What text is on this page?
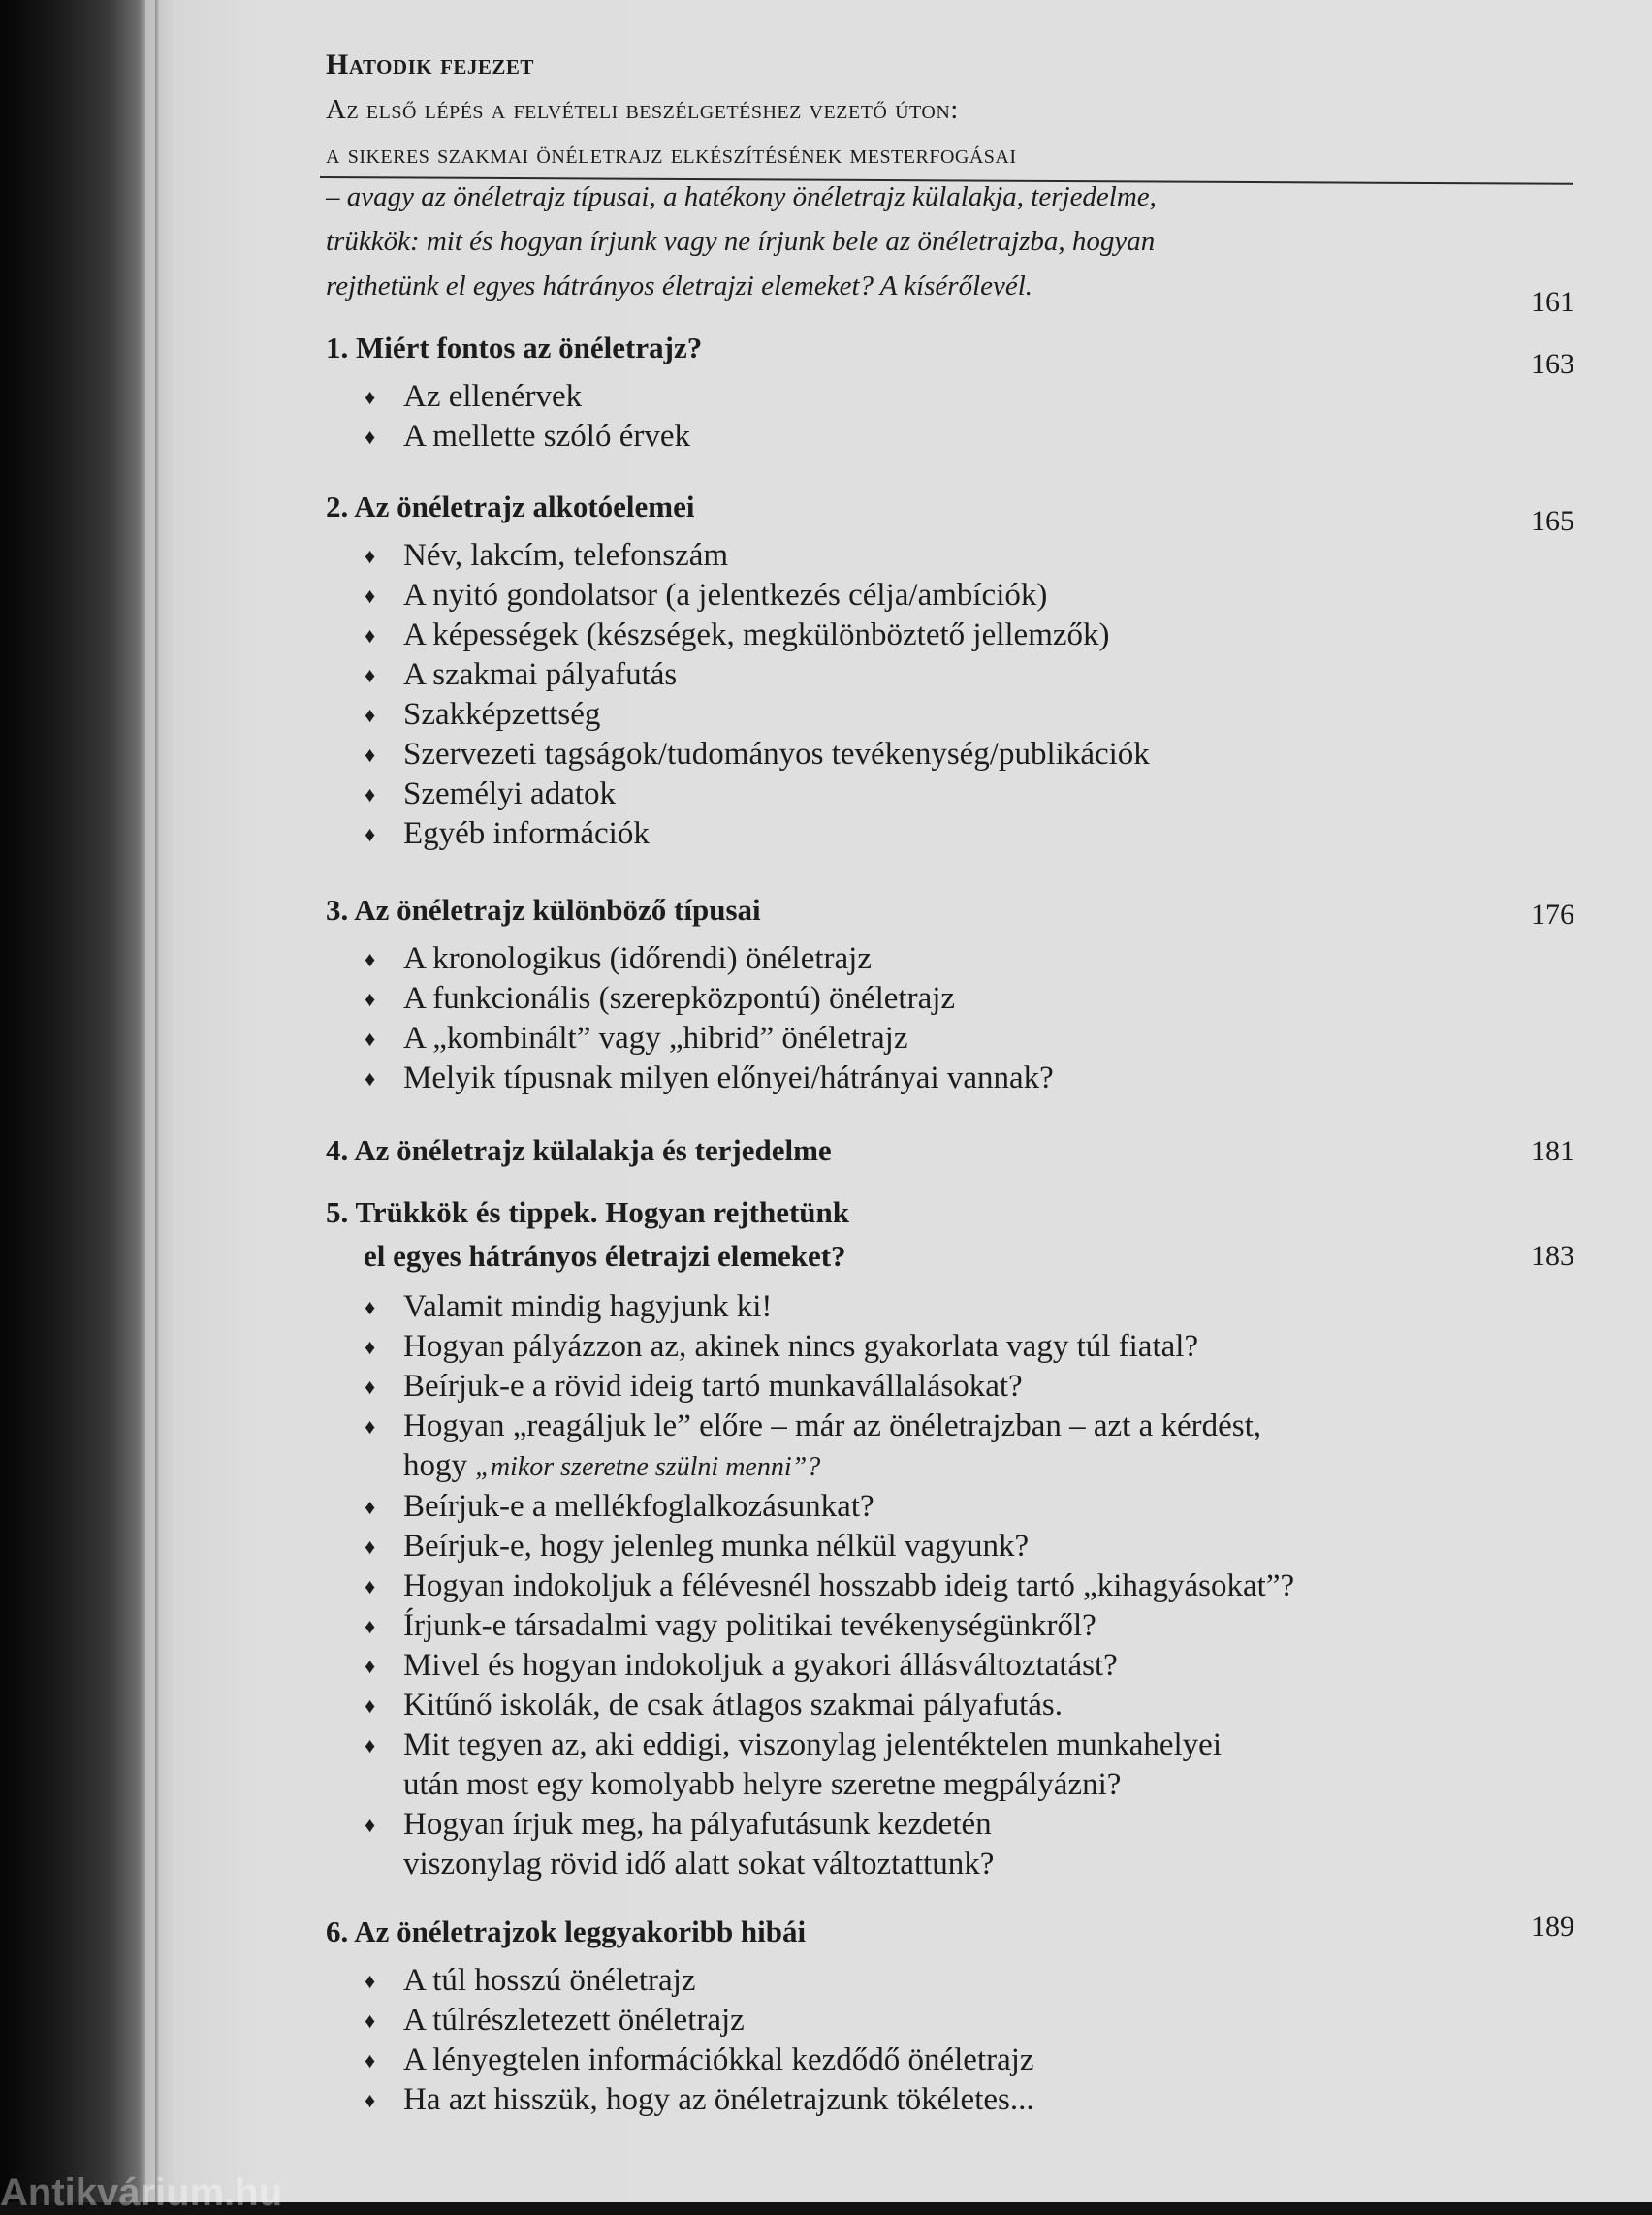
Hatodik fejezet

Az első lépés a felvételi beszélgetéshez vezető úton:

a sikeres szakmai önéletrajz elkészítésének mesterfogásai

– avagy az önéletrajz típusai, a hatékony önéletrajz külalakja, terjedelme,

trükkök: mit és hogyan írjunk vagy ne írjunk bele az önéletrajzba, hogyan

rejthetünk el egyes hátrányos életrajzi elemeket? A kísérőlevél.	161

1. Miért fontos az önéletrajz?

♦ Az ellenérvek
♦ A mellette szóló érvek
163

2. Az önéletrajz alkotóelemei

♦ Név, lakcím, telefonszám
♦ A nyitó gondolatsor (a jelentkezés célja/ambíciók)
♦ A képességek (készségek, megkülönböztető jellemzők)
♦ A szakmai pályafutás
♦ Szakképzettség
♦ Szervezeti tagságok/tudományos tevékenység/publikációk
♦ Személyi adatok
♦ Egyéb információk
165

3. Az önéletrajz különböző típusai

♦ A kronologikus (időrendi) önéletrajz
♦ A funkcionális (szerepközpontú) önéletrajz
♦ A „kombinált” vagy „hibrid” önéletrajz
♦ Melyik típusnak milyen előnyei/hátrányai vannak?
176

4. Az önéletrajz külalakja és terjedelme	181

5. Trükkök és tippek. Hogyan rejthetünk

el egyes hátrányos életrajzi elemeket?

♦ Valamit mindig hagyjunk ki!
♦ Hogyan pályázzon az, akinek nincs gyakorlata vagy túl fiatal?
♦ Beírjuk-e a rövid ideig tartó munkavállalásokat?
♦ Hogyan „reagáljuk le” előre – már az önéletrajzban – azt a kérdést,
hogy „mikor szeretne szülni menni”?
♦ Beírjuk-e a mellékfoglalkozásunkat?
♦ Beírjuk-e, hogy jelenleg munka nélkül vagyunk?
♦ Hogyan indokoljuk a félévesnél hosszabb ideig tartó „kihagyásokat”?
♦ Írjunk-e társadalmi vagy politikai tevékenységünkről?
♦ Mivel és hogyan indokoljuk a gyakori állásváltoztatást?
♦ Kitűnő iskolák, de csak átlagos szakmai pályafutás.
♦ Mit tegyen az, aki eddigi, viszonylag jelentéktelen munkahelyei
után most egy komolyabb helyre szeretne megpályázni?
♦ Hogyan írjuk meg, ha pályafutásunk kezdetén
viszonylag rövid idő alatt sokat változtattunk?
183

6. Az önéletrajzok leggyakoribb hibái

♦ A túl hosszú önéletrajz
♦ A túlrészletezett önéletrajz
♦ A lényegtelen információkkal kezdődő önéletrajz
♦ Ha azt hisszük, hogy az önéletrajzunk tökéletes...
189
Antikvárium.hu
